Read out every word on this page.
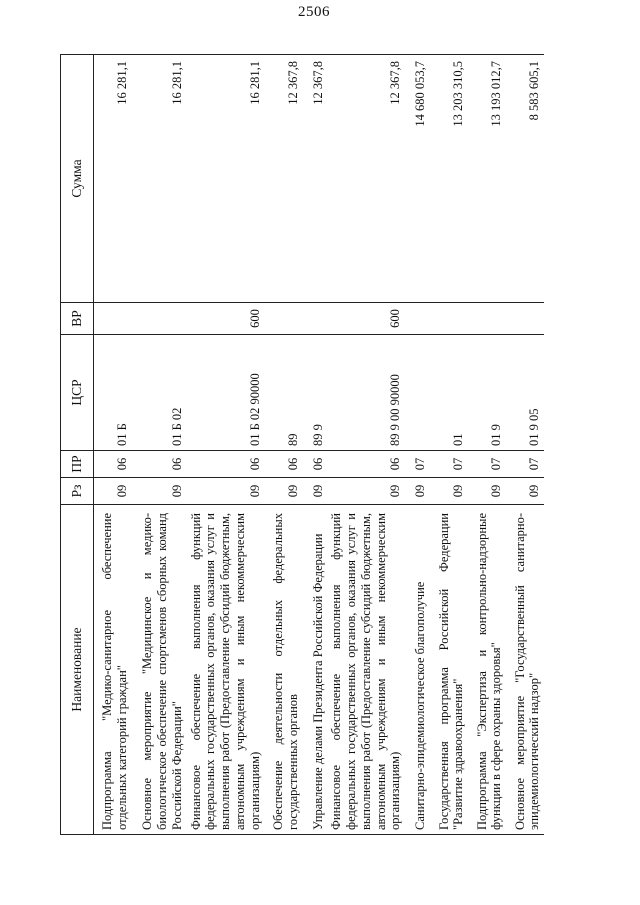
2506
Наименование	Рз	ПР	ЦСР	ВР	Сумма
Подпрограмма "Медико-санитарное обеспечение отдельных категорий граждан"	09	06	01 Б		16 281,1
Основное мероприятие "Медицинское и медико-биологическое обеспечение спортсменов сборных команд Российской Федерации"	09	06	01 Б 02		16 281,1
Финансовое обеспечение выполнения функций федеральных государственных органов, оказания услуг и выполнения работ (Предоставление субсидий бюджетным, автономным учреждениям и иным некоммерческим организациям)	09	06	01 Б 02 90000	600	16 281,1
Обеспечение деятельности отдельных федеральных государственных органов	09	06	89		12 367,8
Управление делами Президента Российской Федерации	09	06	89 9		12 367,8
Финансовое обеспечение выполнения функций федеральных государственных органов, оказания услуг и выполнения работ (Предоставление субсидий бюджетным, автономным учреждениям и иным некоммерческим организациям)	09	06	89 9 00 90000	600	12 367,8
Санитарно-эпидемиологическое благополучие	09	07			14 680 053,7
Государственная программа Российской Федерации "Развитие здравоохранения"	09	07	01		13 203 310,5
Подпрограмма "Экспертиза и контрольно-надзорные функции в сфере охраны здоровья"	09	07	01 9		13 193 012,7
Основное мероприятие "Государственный санитарно-эпидемиологический надзор"	09	07	01 9 05		8 583 605,1
